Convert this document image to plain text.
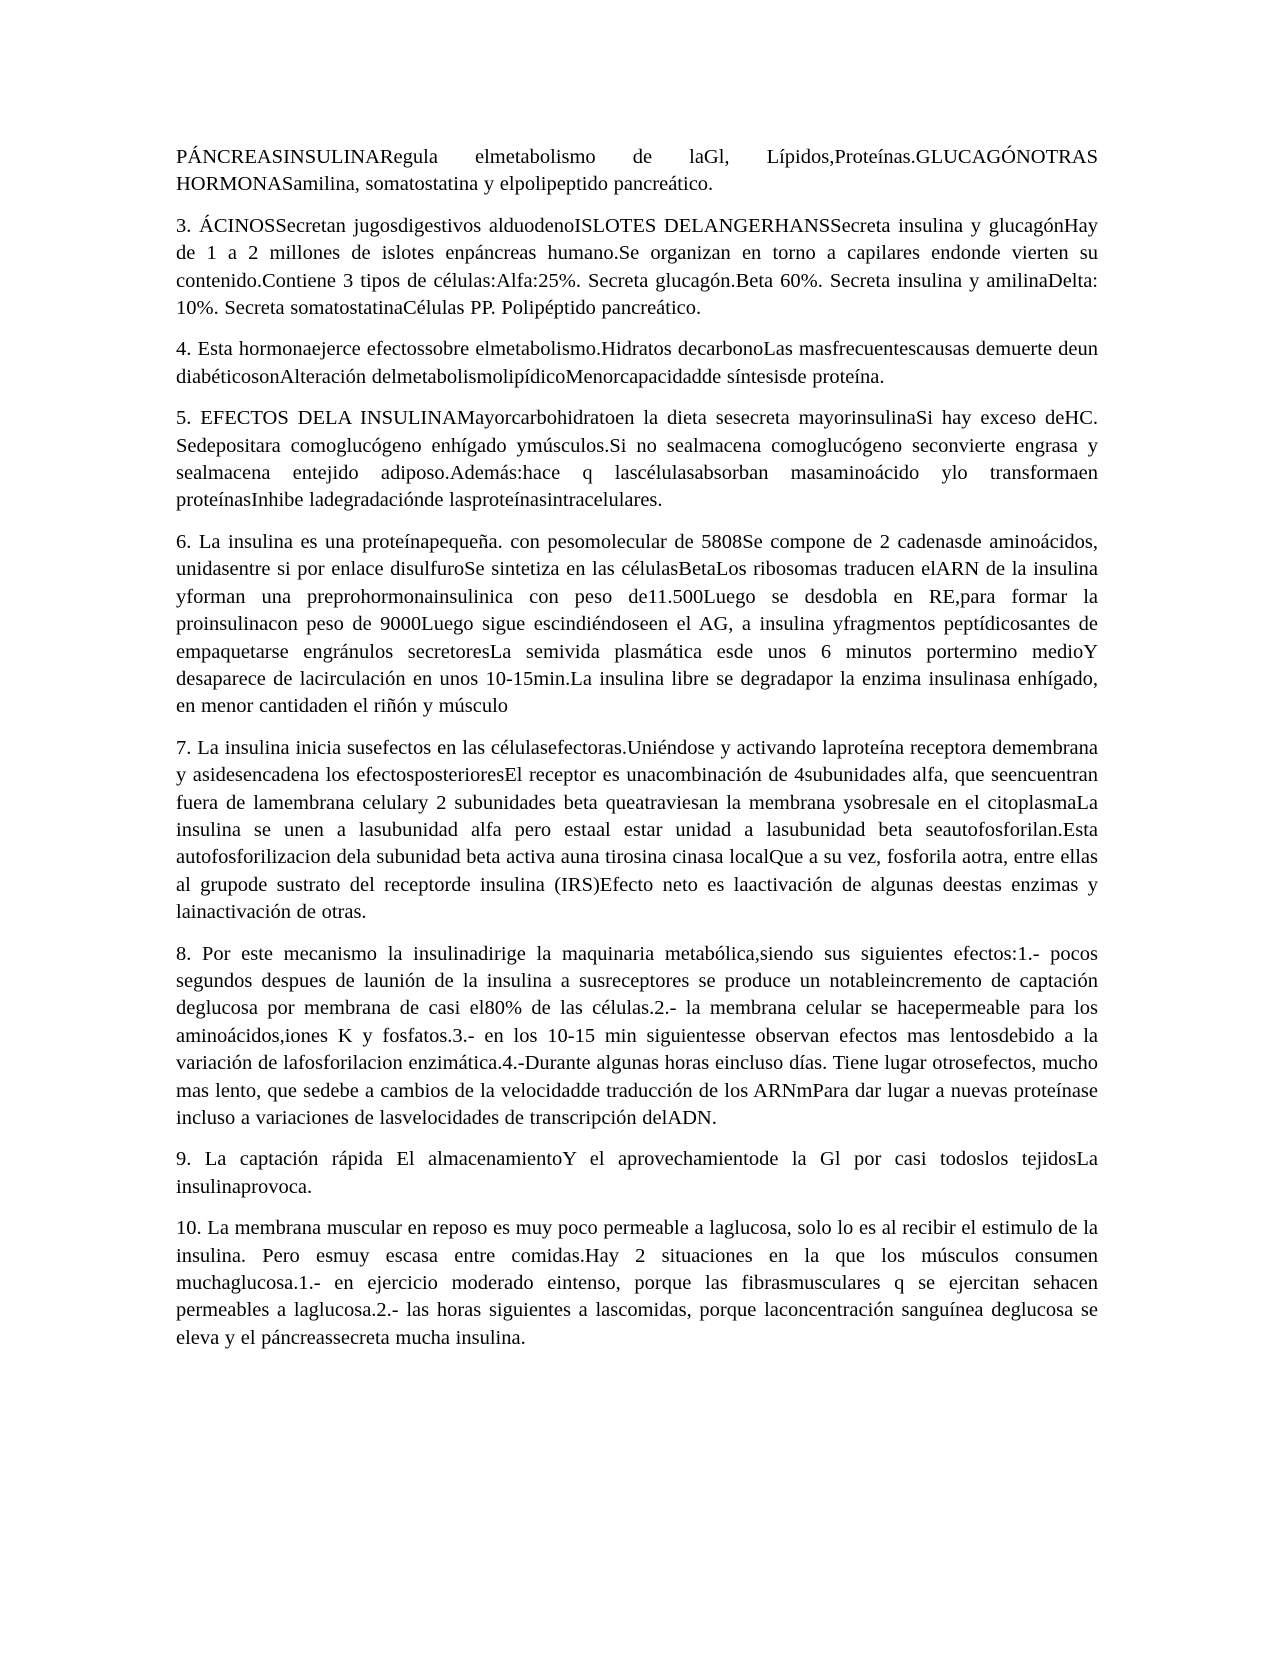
PÁNCREASINSULINARegula elmetabolismo de laGl, Lípidos,Proteínas.GLUCAGÓNOTRAS HORMONASamilina, somatostatina y elpolipeptido pancreático.

3. ÁCINOSSecretan jugosdigestivos alduodenoISLOTES DELANGERHANSSecreta insulina y glucagónHay de 1 a 2 millones de islotes enpáncreas humano.Se organizan en torno a capilares endonde vierten su contenido.Contiene 3 tipos de células:Alfa:25%. Secreta glucagón.Beta 60%. Secreta insulina y amilinaDelta: 10%. Secreta somatostatinaCélulas PP. Polipéptido pancreático.

4. Esta hormonaejerce efectossobre elmetabolismo.Hidratos decarbonoLas masfrecuentescausas demuerte deun diabéticosonAlteración delmetabolismolipídicoMenorcapacidadde síntesisde proteína.

5. EFECTOS DELA INSULINAMayorcarbohidratoen la dieta sesecreta mayorinsulinaSi hay exceso deHC. Sedepositara comoglucógeno enhígado ymúsculos.Si no sealmacena comoglucógeno seconvierte engrasa y sealmacena entejido adiposo.Además:hace q lascélulasabsorban masaminoácido ylo transformaen proteínasInhibe ladegradaciónde lasproteínasintracelulares.

6. La insulina es una proteínapequeña. con pesomolecular de 5808Se compone de 2 cadenasde aminoácidos, unidasentre si por enlace disulfuroSe sintetiza en las célulasBetaLos ribosomas traducen elARN de la insulina yforman una preprohormonainsulinica con peso de11.500Luego se desdobla en RE,para formar la proinsulinacon peso de 9000Luego sigue escindiéndoseen el AG, a insulina yfragmentos peptídicosantes de empaquetarse engránulos secretoresLa semivida plasmática esde unos 6 minutos portermino medioY desaparece de lacirculación en unos 10-15min.La insulina libre se degradapor la enzima insulinasa enhígado, en menor cantidaden el riñón y músculo

7. La insulina inicia susefectos en las célulasefectoras.Uniéndose y activando laproteína receptora demembrana y asidesencadena los efectosposterioresEl receptor es unacombinación de 4subunidades alfa, que seencuentran fuera de lamembrana celulary 2 subunidades beta queatraviesan la membrana ysobresale en el citoplasmaLa insulina se unen a lasubunidad alfa pero estaal estar unidad a lasubunidad beta seautofosforilan.Esta autofosforilizacion dela subunidad beta activa auna tirosina cinasa localQue a su vez, fosforila aotra, entre ellas al grupode sustrato del receptorde insulina (IRS)Efecto neto es laactivación de algunas deestas enzimas y lainactivación de otras.

8. Por este mecanismo la insulinadirige la maquinaria metabólica,siendo sus siguientes efectos:1.- pocos segundos despues de launión de la insulina a susreceptores se produce un notableincremento de captación deglucosa por membrana de casi el80% de las células.2.- la membrana celular se hacepermeable para los aminoácidos,iones K y fosfatos.3.- en los 10-15 min siguientesse observan efectos mas lentosdebido a la variación de lafosforilacion enzimática.4.-Durante algunas horas eincluso días. Tiene lugar otrosefectos, mucho mas lento, que sedebe a cambios de la velocidadde traducción de los ARNmPara dar lugar a nuevas proteínase incluso a variaciones de lasvelocidades de transcripción delADN.

9. La captación rápida El almacenamientoY el aprovechamientode la Gl por casi todoslos tejidosLa insulinaprovoca.

10. La membrana muscular en reposo es muy poco permeable a laglucosa, solo lo es al recibir el estimulo de la insulina. Pero esmuy escasa entre comidas.Hay 2 situaciones en la que los músculos consumen muchaglucosa.1.- en ejercicio moderado eintenso, porque las fibrasmusculares q se ejercitan sehacen permeables a laglucosa.2.- las horas siguientes a lascomidas, porque laconcentración sanguínea deglucosa se eleva y el páncreassecreta mucha insulina.
